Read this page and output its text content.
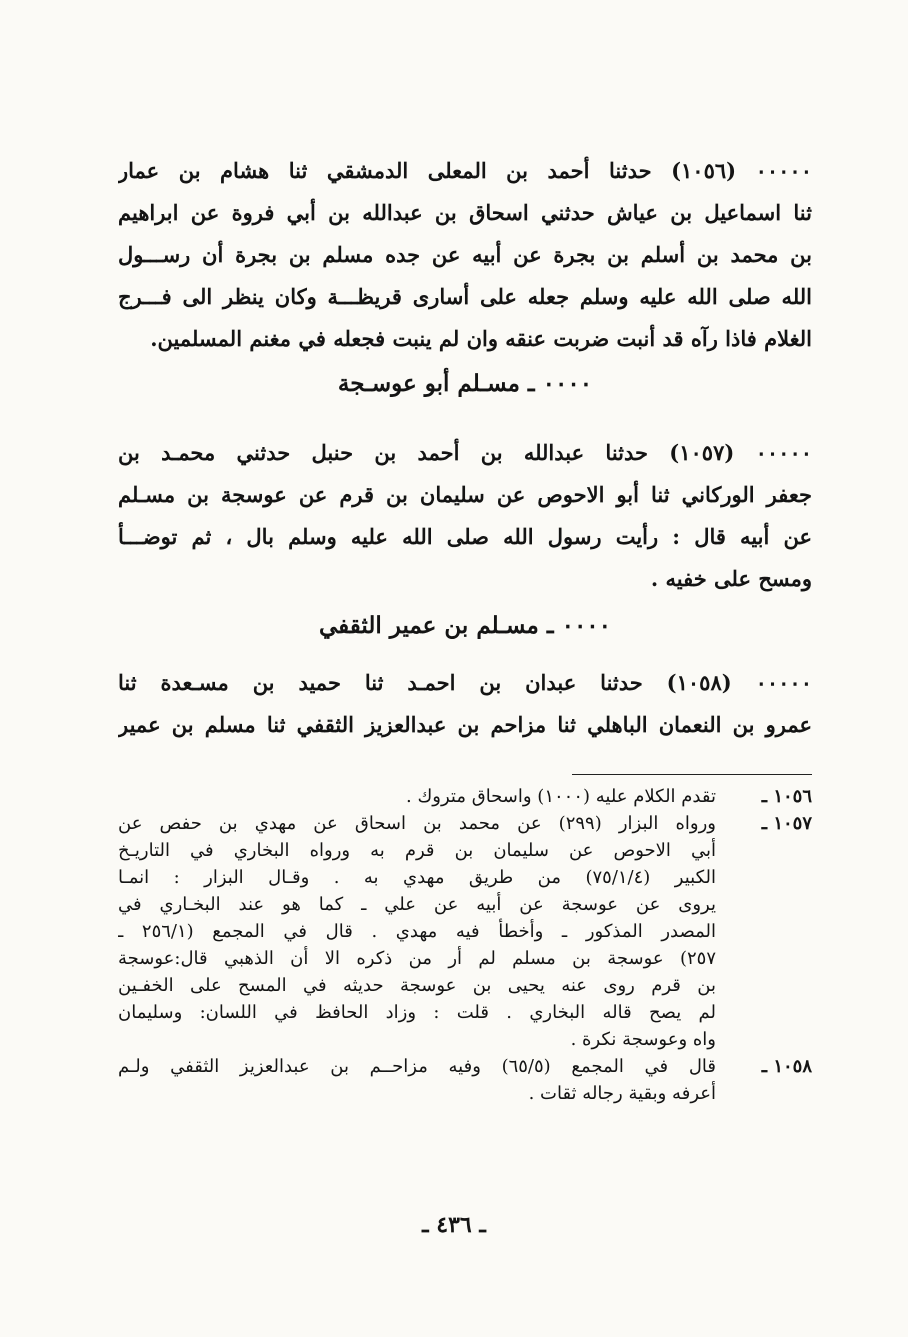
٠٠٠٠٠ (١٠٥٦) حدثنا أحمد بن المعلى الدمشقي ثنا هشام بن عمار
ثنا اسماعيل بن عياش حدثني اسحاق بن عبدالله بن أبي فروة عن ابراهيم
بن محمد بن أسلم بن بجرة عن أبيه عن جده مسلم بن بجرة أن رســـول
الله صلى الله عليه وسلم جعله على أسارى قريظـــة وكان ينظر الى فـــرج
الغلام فاذا رآه قد أنبت ضربت عنقه وان لم ينبت فجعله في مغنم المسلمين.
٠٠٠٠ ـ مسـلم أبو عوسـجة
٠٠٠٠٠ (١٠٥٧) حدثنا عبدالله بن أحمد بن حنبل حدثني محمـد بن
جعفر الوركاني ثنا أبو الاحوص عن سليمان بن قرم عن عوسجة بن مسـلم
عن أبيه قال : رأيت رسول الله صلى الله عليه وسلم بال ، ثم توضـــأ
ومسح على خفيه .
٠٠٠٠ ـ مسـلم بن عمير الثقفي
٠٠٠٠٠ (١٠٥٨) حدثنا عبدان بن احمـد ثنا حميد بن مسـعدة ثنا
عمرو بن النعمان الباهلي ثنا مزاحم بن عبدالعزيز الثقفي ثنا مسلم بن عمير
١٠٥٦ ـ
تقدم الكلام عليه (١٠٠٠) واسحاق متروك .
١٠٥٧ ـ
ورواه البزار (٢٩٩) عن محمد بن اسحاق عن مهدي بن حفص عن
أبي الاحوص عن سليمان بن قرم به ورواه البخاري في التاريـخ
الكبير (٧٥/١/٤) من طريق مهدي به . وقـال البزار : انمـا
يروى عن عوسجة عن أبيه عن علي ـ كما هو عند البخـاري في
المصدر المذكور ـ وأخطأ فيه مهدي . قال في المجمع (٢٥٦/١ ـ
٢٥٧) عوسجة بن مسلم لم أر من ذكره الا أن الذهبي قال:عوسجة
بن قرم روى عنه يحيى بن عوسجة حديثه في المسح على الخفـين
لم يصح قاله البخاري . قلت : وزاد الحافظ في اللسان: وسليمان
واه وعوسجة نكرة .
١٠٥٨ ـ
قال في المجمع (٦٥/٥) وفيه مزاحــم بن عبدالعزيز الثقفي ولـم
أعرفه وبقية رجاله ثقات .
ـ ٤٣٦ ـ
